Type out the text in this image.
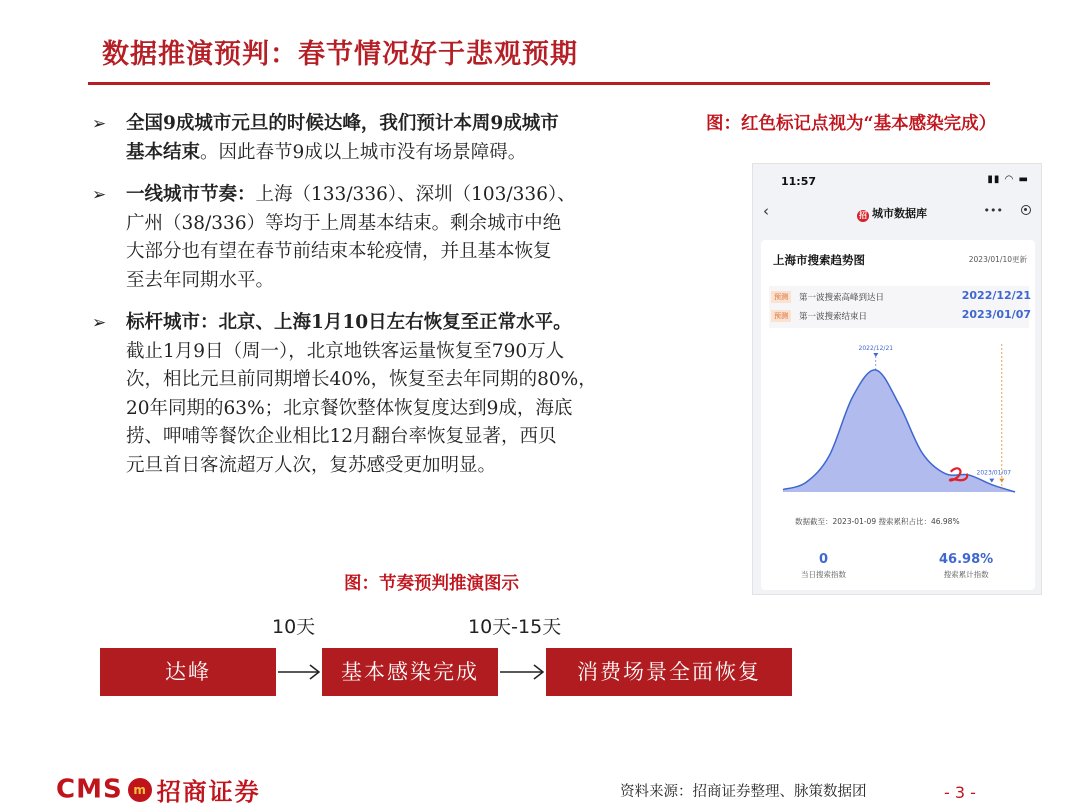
数据推演预判：春节情况好于悲观预期
➢ 全国9成城市元旦的时候达峰，我们预计本周9成城市
基本结束。因此春节9成以上城市没有场景障碍。
➢ 一线城市节奏：上海（133/336）、深圳（103/336）、
广州（38/336）等均于上周基本结束。剩余城市中绝
大部分也有望在春节前结束本轮疫情，并且基本恢复
至去年同期水平。
➢ 标杆城市：北京、上海1月10日左右恢复至正常水平。
截止1月9日（周一），北京地铁客运量恢复至790万人
次，相比元旦前同期增长40%，恢复至去年同期的80%，
20年同期的63%；北京餐饮整体恢复度达到9成，海底
捞、呷哺等餐饮企业相比12月翻台率恢复显著，西贝
元旦首日客流超万人次，复苏感受更加明显。
图：红色标记点视为“基本感染完成）
11:57	▮▮ ◠ ▬
‹	招 城市数据库	•••
上海市搜索趋势图	2023/01/10更新
预测	第一波搜索高峰到达日	2022/12/21
预测	第一波搜索结束日	2023/01/07
2022/12/21
2023/01/07
数据截至：2023-01-09 搜索累积占比：46.98%
0
当日搜索指数
46.98%
搜索累计指数
图：节奏预判推演图示
10天	10天-15天
达峰	基本感染完成	消费场景全面恢复
CMS m 招商证券	资料来源：招商证券整理、脉策数据团	- 3 -
